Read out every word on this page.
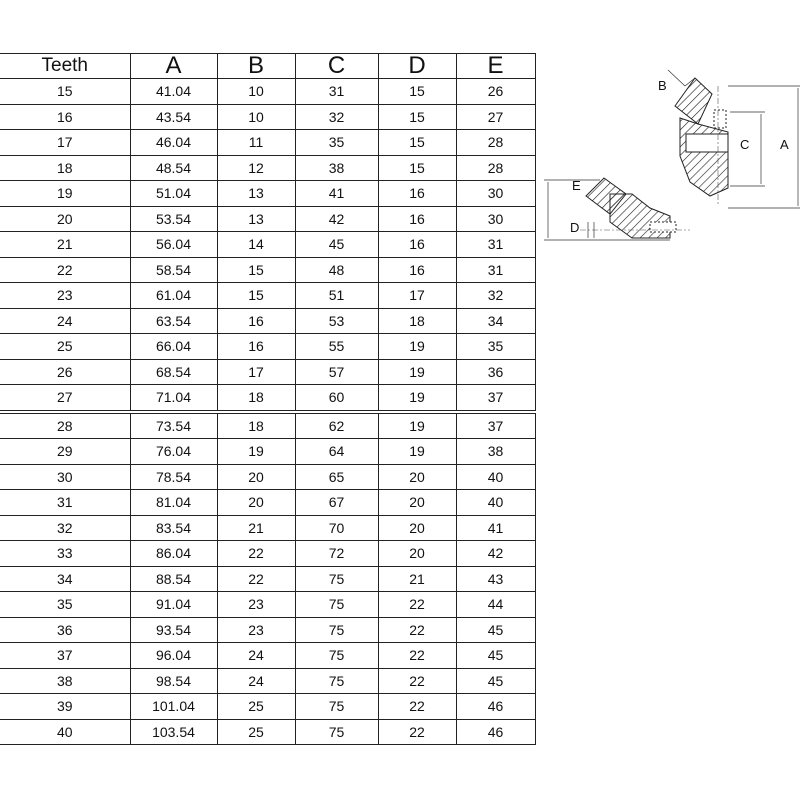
Teeth	A	B	C	D	E
15	41.04	10	31	15	26
16	43.54	10	32	15	27
17	46.04	11	35	15	28
18	48.54	12	38	15	28
19	51.04	13	41	16	30
20	53.54	13	42	16	30
21	56.04	14	45	16	31
22	58.54	15	48	16	31
23	61.04	15	51	17	32
24	63.54	16	53	18	34
25	66.04	16	55	19	35
26	68.54	17	57	19	36
27	71.04	18	60	19	37
28	73.54	18	62	19	37
29	76.04	19	64	19	38
30	78.54	20	65	20	40
31	81.04	20	67	20	40
32	83.54	21	70	20	41
33	86.04	22	72	20	42
34	88.54	22	75	21	43
35	91.04	23	75	22	44
36	93.54	23	75	22	45
37	96.04	24	75	22	45
38	98.54	24	75	22	45
39	101.04	25	75	22	46
40	103.54	25	75	22	46
B
C A
E
D
